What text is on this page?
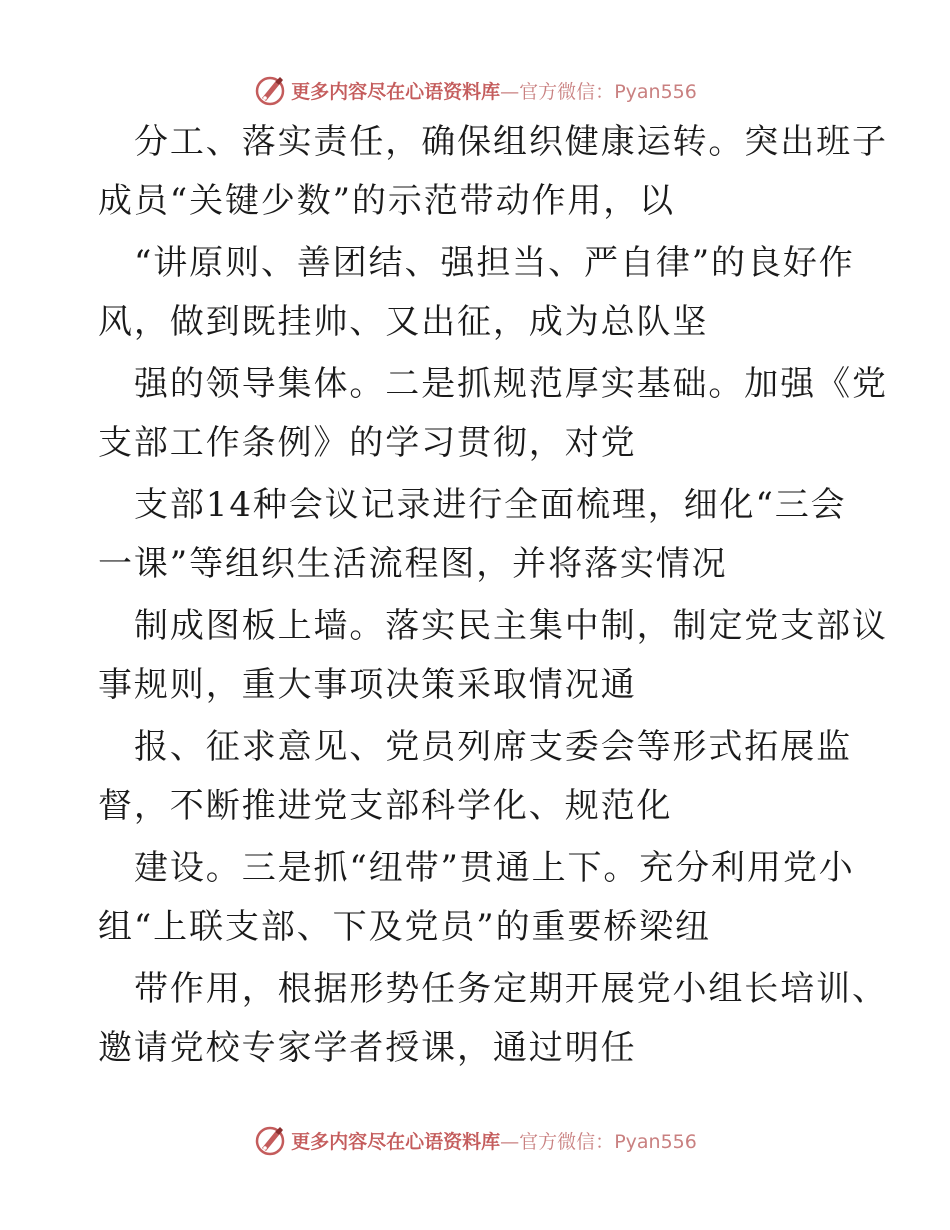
更多内容尽在心语资料库—官方微信：Pyan556
分工、落实责任，确保组织健康运转。突出班子
成员“关键少数”的示范带动作用，以
“讲原则、善团结、强担当、严自律”的良好作
风，做到既挂帅、又出征，成为总队坚
强的领导集体。二是抓规范厚实基础。加强《党
支部工作条例》的学习贯彻，对党
支部14种会议记录进行全面梳理，细化“三会
一课”等组织生活流程图，并将落实情况
制成图板上墙。落实民主集中制，制定党支部议
事规则，重大事项决策采取情况通
报、征求意见、党员列席支委会等形式拓展监
督，不断推进党支部科学化、规范化
建设。三是抓“纽带”贯通上下。充分利用党小
组“上联支部、下及党员”的重要桥梁纽
带作用，根据形势任务定期开展党小组长培训、
邀请党校专家学者授课，通过明任
更多内容尽在心语资料库—官方微信：Pyan556
